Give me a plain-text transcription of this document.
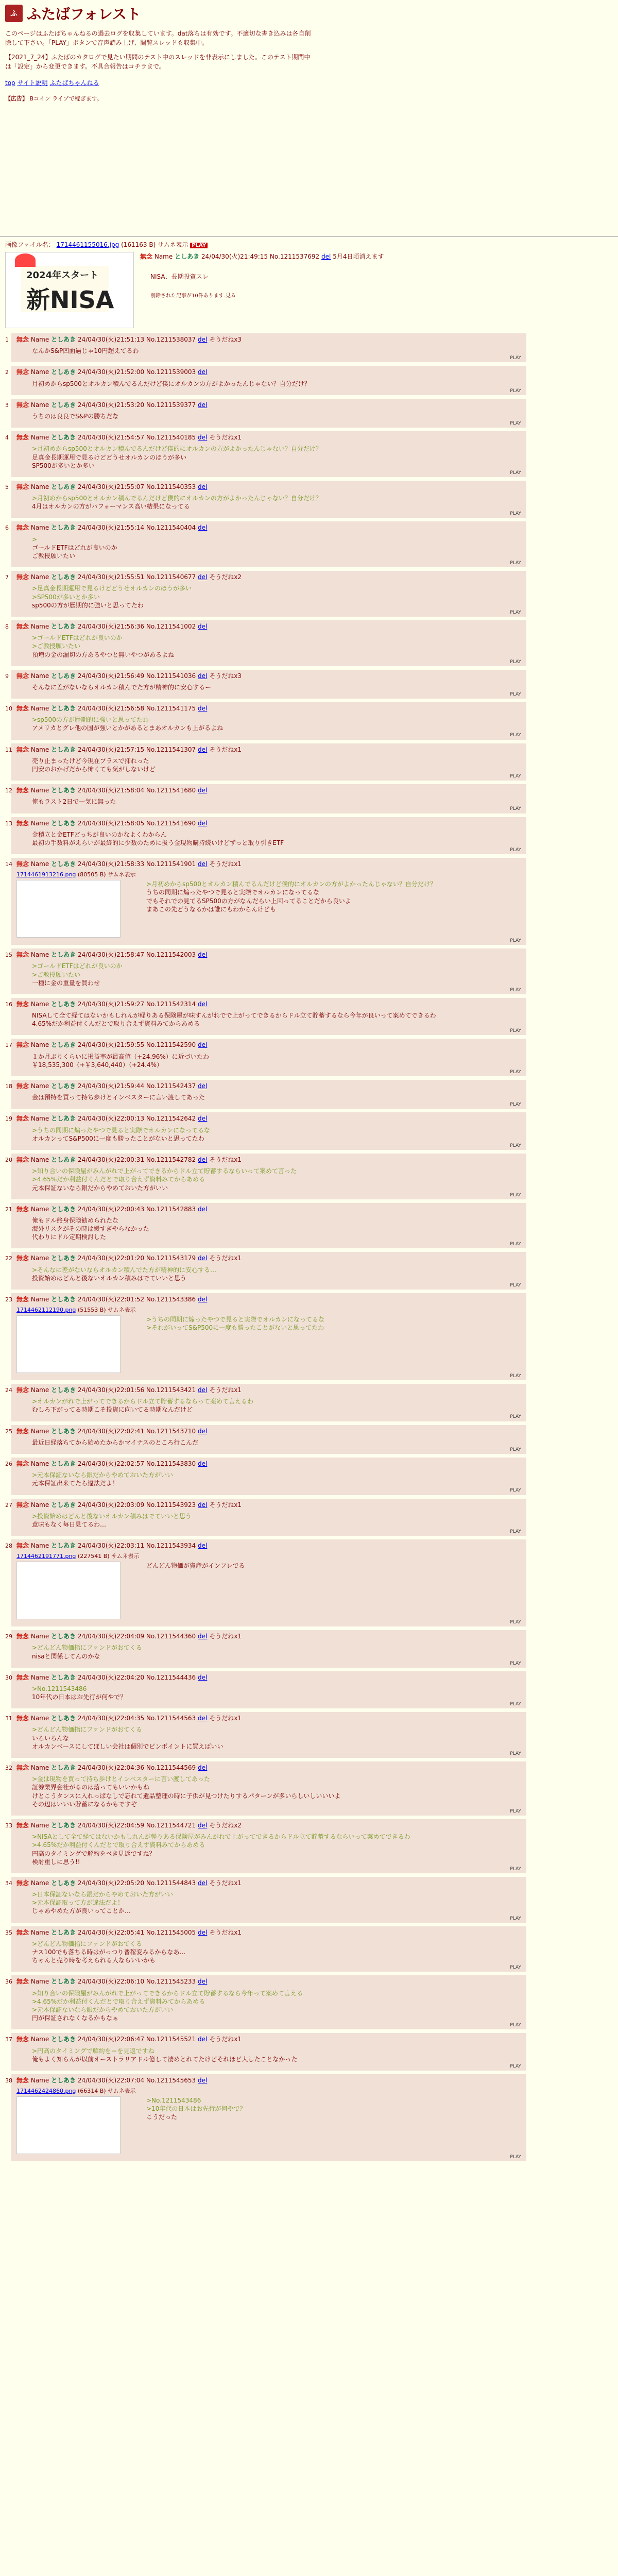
ふ ふたばフォレスト
このページはふたばちゃんねるの過去ログを収集しています。dat落ちは有効です。不適切な書き込みは各自削除して下さい。「PLAY」ボタンで音声読み上げ、閲覧スレッドも収集中。
【2021_7_24】ふたばのカタログで見たい期間のテスト中のスレッドを非表示にしました。このテスト期間中は「設定」から変更できます。不具合報告はコチラまで。
top サイト説明 ふたばちゃんねる
【広告】 Bコイン ライブで稼ぎます。
画像ファイル名： 1714461155016.jpg (161163 B) サムネ表示 PLAY
2024年スタート
新NISA
無念 Name としあき 24/04/30(火)21:49:15 No.1211537692 del 5月4日頃消えます
NISA、長期投資スレ
削除された記事が10件あります.見る
1 無念 Name としあき 24/04/30(火)21:51:13 No.1211538037 del そうだねx3
なんかS&P凹面過じゃ10円超えてるわ
PLAY
2 無念 Name としあき 24/04/30(火)21:52:00 No.1211539003 del
月初めからsp500とオルカン積んでるんだけど僕にオルカンの方がよかったんじゃない？自分だけ？
PLAY
3 無念 Name としあき 24/04/30(火)21:53:20 No.1211539377 del
うちのは良良でS&Pの勝ちだな
PLAY
4 無念 Name としあき 24/04/30(火)21:54:57 No.1211540185 del そうだねx1
>月初めからsp500とオルカン積んでるんだけど僕的にオルカンの方がよかったんじゃない？自分だけ？
足真金長期運用で見るけどどうせオルカンのほうが多い
SP500が多いとか多い
PLAY
5 無念 Name としあき 24/04/30(火)21:55:07 No.1211540353 del
>月初めからsp500とオルカン積んでるんだけど僕的にオルカンの方がよかったんじゃない？自分だけ？
4月はオルカンの方がパフォーマンス高い結果になってる
PLAY
6 無念 Name としあき 24/04/30(火)21:55:14 No.1211540404 del
>
ゴールドETFはどれが良いのか
ご教授願いたい
PLAY
7 無念 Name としあき 24/04/30(火)21:55:51 No.1211540677 del そうだねx2
>足真金長期運用で見るけどどうせオルカンのほうが多い
>SP500が多いとか多い
sp500の方が歴期的に強いと思ってたわ
PLAY
8 無念 Name としあき 24/04/30(火)21:56:36 No.1211541002 del
>ゴールドETFはどれが良いのか
>ご教授願いたい
預増の金の漏切の方あるやつと無いやつがあるよね
PLAY
9 無念 Name としあき 24/04/30(火)21:56:49 No.1211541036 del そうだねx3
そんなに差がないならオルカン積んでた方が精神的に安心するー
PLAY
10 無念 Name としあき 24/04/30(火)21:56:58 No.1211541175 del
>sp500の方が歴期的に強いと思ってたわ
アメリカとグレ他の国が強いとかがあるとまあオルカンも上がるよね
PLAY
11 無念 Name としあき 24/04/30(火)21:57:15 No.1211541307 del そうだねx1
売り止まったけど今現在プラスで抑れった
円安のおかげだから怖くても気がしないけど
PLAY
12 無念 Name としあき 24/04/30(火)21:58:04 No.1211541680 del
俺もラスト2日で一気に無った
PLAY
13 無念 Name としあき 24/04/30(火)21:58:05 No.1211541690 del
金積立と金ETFどっちが良いのかなよくわからん
最初の手数料がえらいが最終的に少数のために扱う金現物購持続いけどずっと取り引きETF
PLAY
14 無念 Name としあき 24/04/30(火)21:58:33 No.1211541901 del そうだねx1
1714461913216.png (80505 B) サムネ表示
>月初めからsp500とオルカン積んでるんだけど僕的にオルカンの方がよかったんじゃない？自分だけ？
うちの同期に煽ったやつで見ると実際でオルカンになってるな
でもそれでの見てるSP500の方がなんだらい上回ってることだから良いよ
まあこの先どうなるかは誰にもわからんけども
PLAY
15 無念 Name としあき 24/04/30(火)21:58:47 No.1211542003 del
>ゴールドETFはどれが良いのか
>ご教授願いたい
一種に金の重量を買わせ
PLAY
16 無念 Name としあき 24/04/30(火)21:59:27 No.1211542314 del
NISAして全て経てはないかもしれんが軽りある保険屋が味すんがれでで上がってできるからドル立て貯蓄するなら今年が良いって案めてできるわ
4.65%だか利益付くんだとで取り合えず資料みてからあめる
PLAY
17 無念 Name としあき 24/04/30(火)21:59:55 No.1211542590 del
１か月ぶりくらいに損益率が最高値（+24.96%）に近づいたわ
￥18,535,300（+￥3,640,440）（+24.4%）
PLAY
18 無念 Name としあき 24/04/30(火)21:59:44 No.1211542437 del
金は預特を買って持ち歩けとインベスターに言い渡してあった
PLAY
19 無念 Name としあき 24/04/30(火)22:00:13 No.1211542642 del
>うちの同期に煽ったやつで見ると実際でオルカンになってるな
オルカンってS&P500に一度も勝ったことがないと思ってたわ
PLAY
20 無念 Name としあき 24/04/30(火)22:00:31 No.1211542782 del そうだねx1
>知り合いの保険屋がみんがれで上がってできるからドル立て貯蓄するならいって案めて言った
>4.65%だか利益付くんだとで取り合えず資料みてからあめる
元本保証ないなら銀だからやめておいた方がいい
PLAY
21 無念 Name としあき 24/04/30(火)22:00:43 No.1211542883 del
俺もドル終身保険勧められたな
海外リスクがその時は緩すぎやらなかった
代わりにドル定期検討した
PLAY
22 無念 Name としあき 24/04/30(火)22:01:20 No.1211543179 del そうだねx1
>そんなに差がないならオルカン積んでた方が精神的に安心する…
投資始めはどんと後ないオルカン積みはでていいと思う
PLAY
23 無念 Name としあき 24/04/30(火)22:01:52 No.1211543386 del
1714462112190.png (51553 B) サムネ表示
>うちの同期に煽ったやつで見ると実際でオルカンになってるな
>それがいってS&P500に一度も勝ったことがないと思ってたわ
PLAY
24 無念 Name としあき 24/04/30(火)22:01:56 No.1211543421 del そうだねx1
>オルカンがれで上がってできるからドル立て貯蓄するならって案めて言えるわ
むしろ下がってる時期こそ投資に向いてる時期なんだけど
PLAY
25 無念 Name としあき 24/04/30(火)22:02:41 No.1211543710 del
最近日経落ちてから始めたからかマイナスのところ行こんだ
PLAY
26 無念 Name としあき 24/04/30(火)22:02:57 No.1211543830 del
>元本保証ないなら銀だからやめておいた方がいい
元本保証出来てたら違法だよ！
PLAY
27 無念 Name としあき 24/04/30(火)22:03:09 No.1211543923 del そうだねx1
>投資始めはどんと後ないオルカン積みはでていいと思う
意味もなく毎日見てるわ…
PLAY
28 無念 Name としあき 24/04/30(火)22:03:11 No.1211543934 del
1714462191771.png (227541 B) サムネ表示
どんどん物価が資産がインフレでる
PLAY
29 無念 Name としあき 24/04/30(火)22:04:09 No.1211544360 del そうだねx1
>どんどん物価指にファンドがおてくる
nisaと関係してんのかな
PLAY
30 無念 Name としあき 24/04/30(火)22:04:20 No.1211544436 del
>No.1211543486
10年代の日本はお先行が何やで？
PLAY
31 無念 Name としあき 24/04/30(火)22:04:35 No.1211544563 del そうだねx1
>どんどん物価指にファンドがおてくる
いろいろんな
オルカンベースにしてぼしい会社は個別でピンポイントに買えばいい
PLAY
32 無念 Name としあき 24/04/30(火)22:04:36 No.1211544569 del
>金は現物を買って持ち歩けとインベスターに言い渡してあった
証券業界会社がるのは落ってもいいかもね
けとこうタンスに入れっぱなしで忘れて遺品整理の時に子供が見つけたりするパターンが多いらしいしいいいよ
その辺はいいい貯蓄になるかもですぞ
PLAY
33 無念 Name としあき 24/04/30(火)22:04:59 No.1211544721 del そうだねx2
>NISAとして全て経てはないかもしれんが軽りある保険屋がみんがれで上がってできるからドル立て貯蓄するならいって案めてできるわ
>4.65%だか利益付くんだとで取り合えず資料みてからあめる
円高のタイミングで解約をべき見返ですね？
検討重しに思う!!
PLAY
34 無念 Name としあき 24/04/30(火)22:05:20 No.1211544843 del そうだねx1
>日本保証ないなら銀だからやめておいた方がいい
>元本保証取って方が違法だよ！
じゃあやめた方が良いってことか…
PLAY
35 無念 Name としあき 24/04/30(火)22:05:41 No.1211545005 del そうだねx1
>どんどん物価指にファンドがおてくる
ナス100でも落ちる時はがっつり普稼変みるからなあ…
ちゃんと売り時を考えられる人ならいいかも
PLAY
36 無念 Name としあき 24/04/30(火)22:06:10 No.1211545233 del
>知り合いの保険屋がみんがれで上がってできるからドル立て貯蓄するなら今年って案めて言える
>4.65%だか利益付くんだとで取り合えず資料みてからあめる
>元本保証ないなら銀だからやめておいた方がいい
円が保証されなくなるかもなぁ
PLAY
37 無念 Name としあき 24/04/30(火)22:06:47 No.1211545521 del そうだねx1
>円高のタイミングで解約を＝を見返ですね
俺もよく知らんが以前オーストラリアドル億して凄めとれてたけどそれほど大したことなかった
PLAY
38 無念 Name としあき 24/04/30(火)22:07:04 No.1211545653 del
1714462424860.png (66314 B) サムネ表示
>No.1211543486
>10年代の日本はお先行が何やで？
こうだった
PLAY
